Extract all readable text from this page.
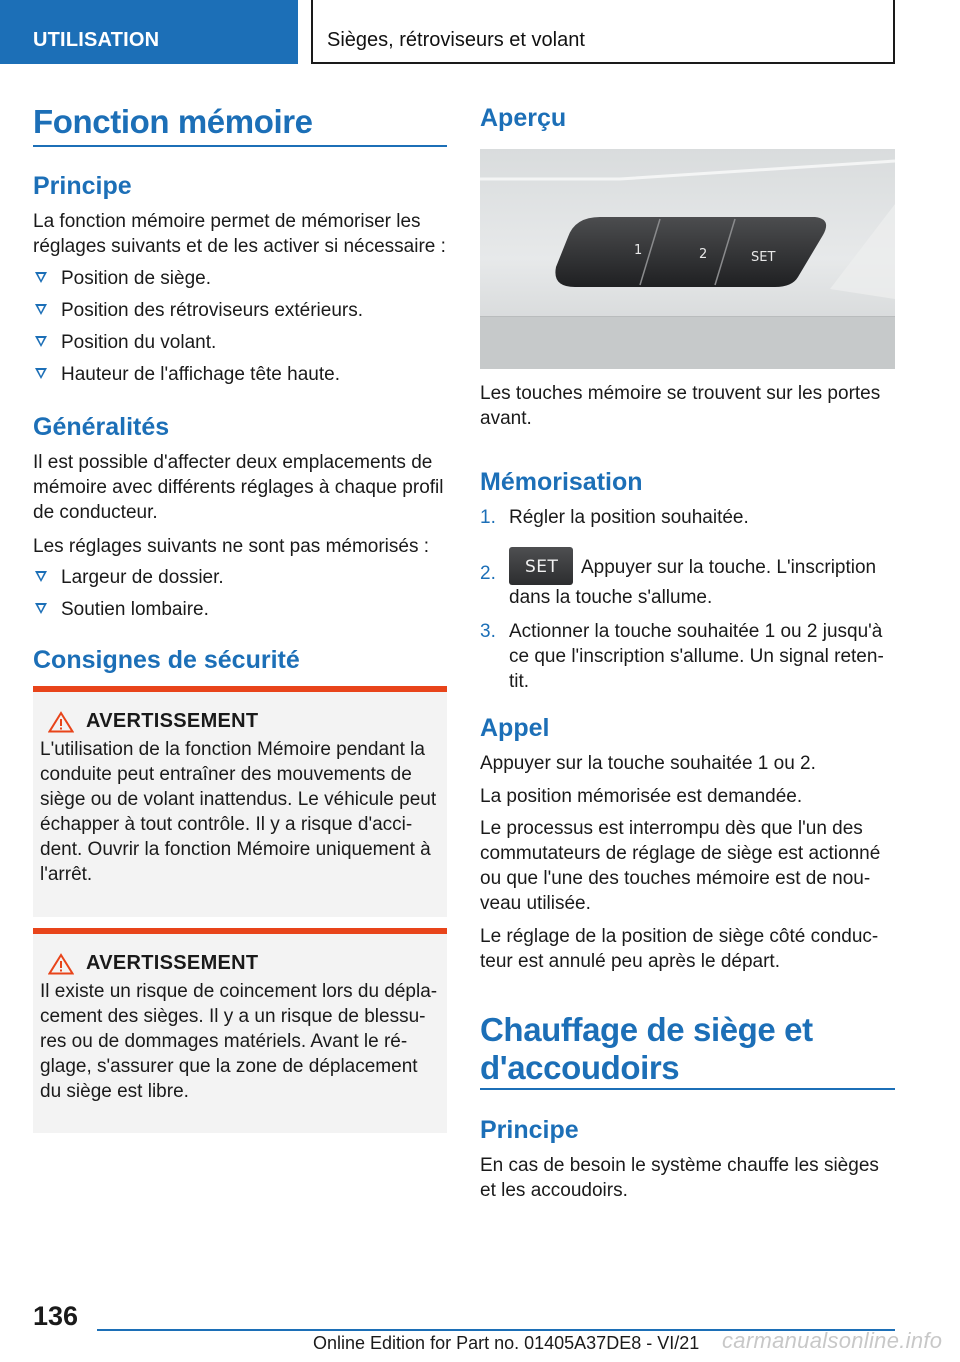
UTILISATION	Sièges, rétroviseurs et volant
Fonction mémoire
Principe

La fonction mémoire permet de mémoriser les réglages suivants et de les activer si nécessaire :

Position de siège.
Position des rétroviseurs extérieurs.
Position du volant.
Hauteur de l'affichage tête haute.
Généralités

Il est possible d'affecter deux emplacements de mémoire avec différents réglages à chaque profil de conducteur.

Les réglages suivants ne sont pas mémorisés :

Largeur de dossier.
Soutien lombaire.
Consignes de sécurité
AVERTISSEMENT

L'utilisation de la fonction Mémoire pendant la conduite peut entraîner des mouvements de siège ou de volant inattendus. Le véhicule peut échapper à tout contrôle. Il y a risque d'acci-dent. Ouvrir la fonction Mémoire uniquement à l'arrêt.

AVERTISSEMENT

Il existe un risque de coincement lors du dépla-cement des sièges. Il y a un risque de blessu-res ou de dommages matériels. Avant le ré-glage, s'assurer que la zone de déplacement du siège est libre.

Aperçu
1	2	SET

Les touches mémoire se trouvent sur les portes avant.

Mémorisation
1. Régler la position souhaitée.
2. SET Appuyer sur la touche. L'inscription dans la touche s'allume.
3. Actionner la touche souhaitée 1 ou 2 jusqu'à ce que l'inscription s'allume. Un signal reten-tit.
Appel

Appuyer sur la touche souhaitée 1 ou 2.

La position mémorisée est demandée.

Le processus est interrompu dès que l'un des commutateurs de réglage de siège est actionné ou que l'une des touches mémoire est de nou-veau utilisée.

Le réglage de la position de siège côté conduc-teur est annulé peu après le départ.

Chauffage de siège et
d'accoudoirs
Principe

En cas de besoin le système chauffe les sièges et les accoudoirs.

136
Online Edition for Part no. 01405A37DE8 - VI/21 carmanualsonline.info
